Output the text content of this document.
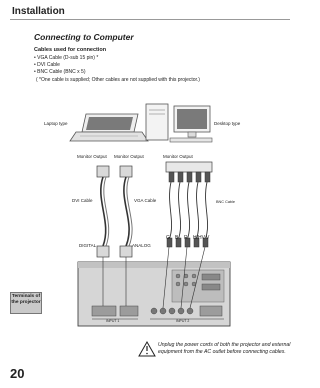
Installation
Connecting to Computer
Cables used for connection
• VGA Cable (D-sub 15 pin) *
• DVI Cable
• BNC Cable (BNC x 5)
( *One cable is supplied; Other cables are not supplied with this projector.)
Laptop type	Desktop type
Monitor Output Monitor Output	Monitor Output
DVI Cable	VGA Cable	BNC Cable
DIGITAL	ANALOG
G B R H/HV V
INPUT 1	INPUT 2
Terminals of the projector
Unplug the power cords of both the projector and external equipment from the AC outlet before connecting cables.
20
